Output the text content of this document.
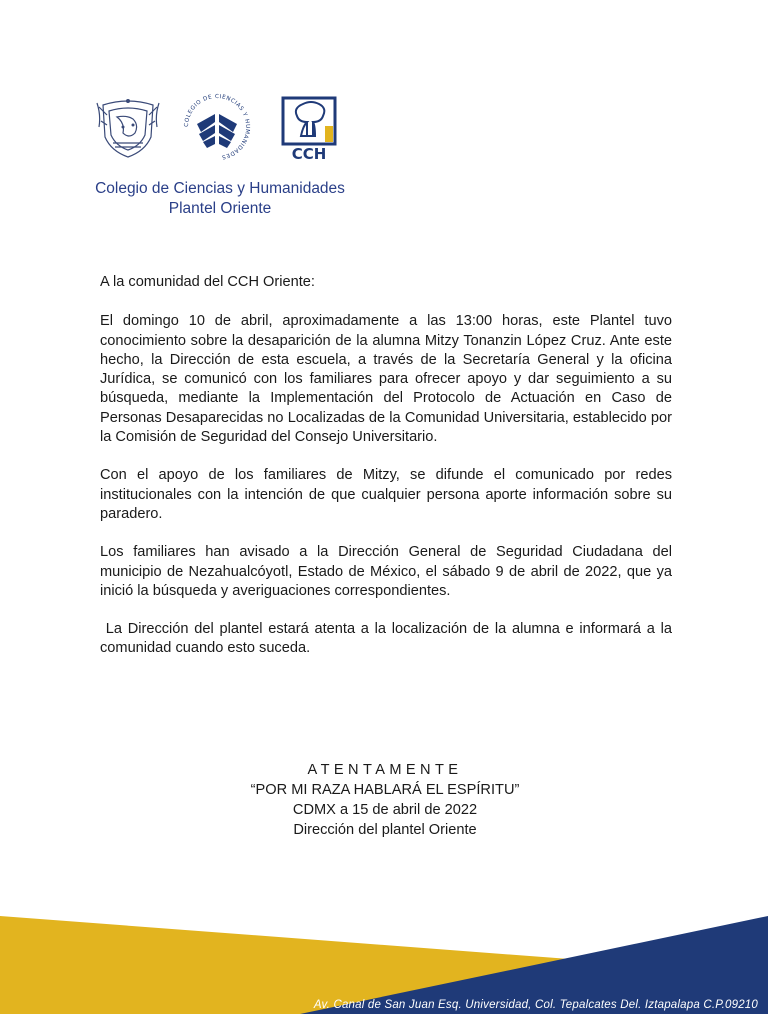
COLEGIO DE CIENCIAS Y HUMANIDADES	CCH
Colegio de Ciencias y Humanidades
Plantel Oriente

A la comunidad del CCH Oriente:

El domingo 10 de abril, aproximadamente a las 13:00 horas, este Plantel tuvo conocimiento sobre la desaparición de la alumna Mitzy Tonanzin López Cruz. Ante este hecho, la Dirección de esta escuela, a través de la Secretaría General y la oficina Jurídica, se comunicó con los familiares para ofrecer apoyo y dar seguimiento a su búsqueda, mediante la Implementación del Protocolo de Actuación en Caso de Personas Desaparecidas no Localizadas de la Comunidad Universitaria, establecido por la Comisión de Seguridad del Consejo Universitario.

Con el apoyo de los familiares de Mitzy, se difunde el comunicado por redes institucionales con la intención de que cualquier persona aporte información sobre su paradero.

Los familiares han avisado a la Dirección General de Seguridad Ciudadana del municipio de Nezahualcóyotl, Estado de México, el sábado 9 de abril de 2022, que ya inició la búsqueda y averiguaciones correspondientes.

La Dirección del plantel estará atenta a la localización de la alumna e informará a la comunidad cuando esto suceda.

ATENTAMENTE
“POR MI RAZA HABLARÁ EL ESPÍRITU”
CDMX a 15 de abril de 2022
Dirección del plantel Oriente
Av. Canal de San Juan Esq. Universidad, Col. Tepalcates Del. Iztapalapa C.P.09210
